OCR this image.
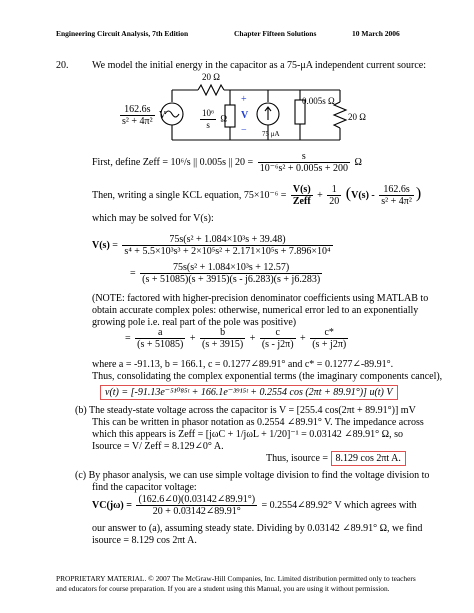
Engineering Circuit Analysis, 7th Edition	Chapter Fifteen Solutions	10 March 2006
20. We model the initial energy in the capacitor as a 75-μA independent current source:
20 Ω
+
V
− 75 μA
0.005s Ω
20 Ω
$\frac{162.6s}{\text{s² + 4π²}}$ V	$\frac{\text{10⁶}}{s}$ Ω
First, define Zeff = 10⁶/s || 0.005s || $20 = \frac{s}{\text{10⁻⁶s² + 0.005s + 200}}$ Ω
Then, writing a single KCL equation, $75\times 10^{-6} = \frac{V(s)}{\text{Zeff}} + \frac{1}{20} (V(s) - \frac{162.6s}{\text{s² + 4π²}}$ )
which may be solved for V(s):
$V(s) = \frac{\text{75s(s² + 1.084×10³s + 39.48)}}{\text{s⁴ + 5.5×10³s³ + 2×10⁵s² + 2.171×10⁵s + 7.896×10⁴}}$
= $\frac{\text{75s(s² + 1.084×10³s + 12.57)}}{(s + 51085)(s + 3915)(s - j6.283)(s + j6.283)}$
(NOTE: factored with higher-precision denominator coefficients using MATLAB to
obtain accurate complex poles: otherwise, numerical error led to an exponentially
growing pole i.e. real part of the pole was positive)
= $\frac{a}{(s + 51085)} + \frac{b}{(s + 3915)} + \frac{c}{(s - j2\pi)} + \frac{c*}{(s + j2\pi)}$
where a = -91.13, b = 166.1, c = 0.1277∠89.91° and c* = 0.1277∠-89.91°.
Thus, consolidating the complex exponential terms (the imaginary components cancel),
v(t) = [-91.13e⁻⁵¹⁰⁸⁵ᵗ + 166.1e⁻³⁹¹⁵ᵗ + 0.2554 cos (2πt + 89.91°)] u(t) V
(b) The steady-state voltage across the capacitor is V = [255.4 cos(2πt + 89.91°)] mV
This can be written in phasor notation as 0.2554 ∠89.91° V. The impedance across
which this appears is Zeff = [jωC + 1/jωL + 1/20]⁻¹ = 0.03142 ∠89.91° Ω, so
Isource = V/ Zeff = 8.129∠0° A.
Thus, isource = 8.129 cos 2πt A.
(c) By phasor analysis, we can use simple voltage division to find the voltage division to
find the capacitor voltage:
$VC(j\omega) = \frac{(162.6\angle 0)(0.03142\angle 89.91^\circ)}{20 + 0.03142\angle 89.91^\circ}$ = 0.2554∠89.92° V which agrees with
our answer to (a), assuming steady state. Dividing by 0.03142 ∠89.91° Ω, we find
isource = 8.129 cos 2πt A.
PROPRIETARY MATERIAL. © 2007 The McGraw-Hill Companies, Inc. Limited distribution permitted only to teachers
and educators for course preparation. If you are a student using this Manual, you are using it without permission.
